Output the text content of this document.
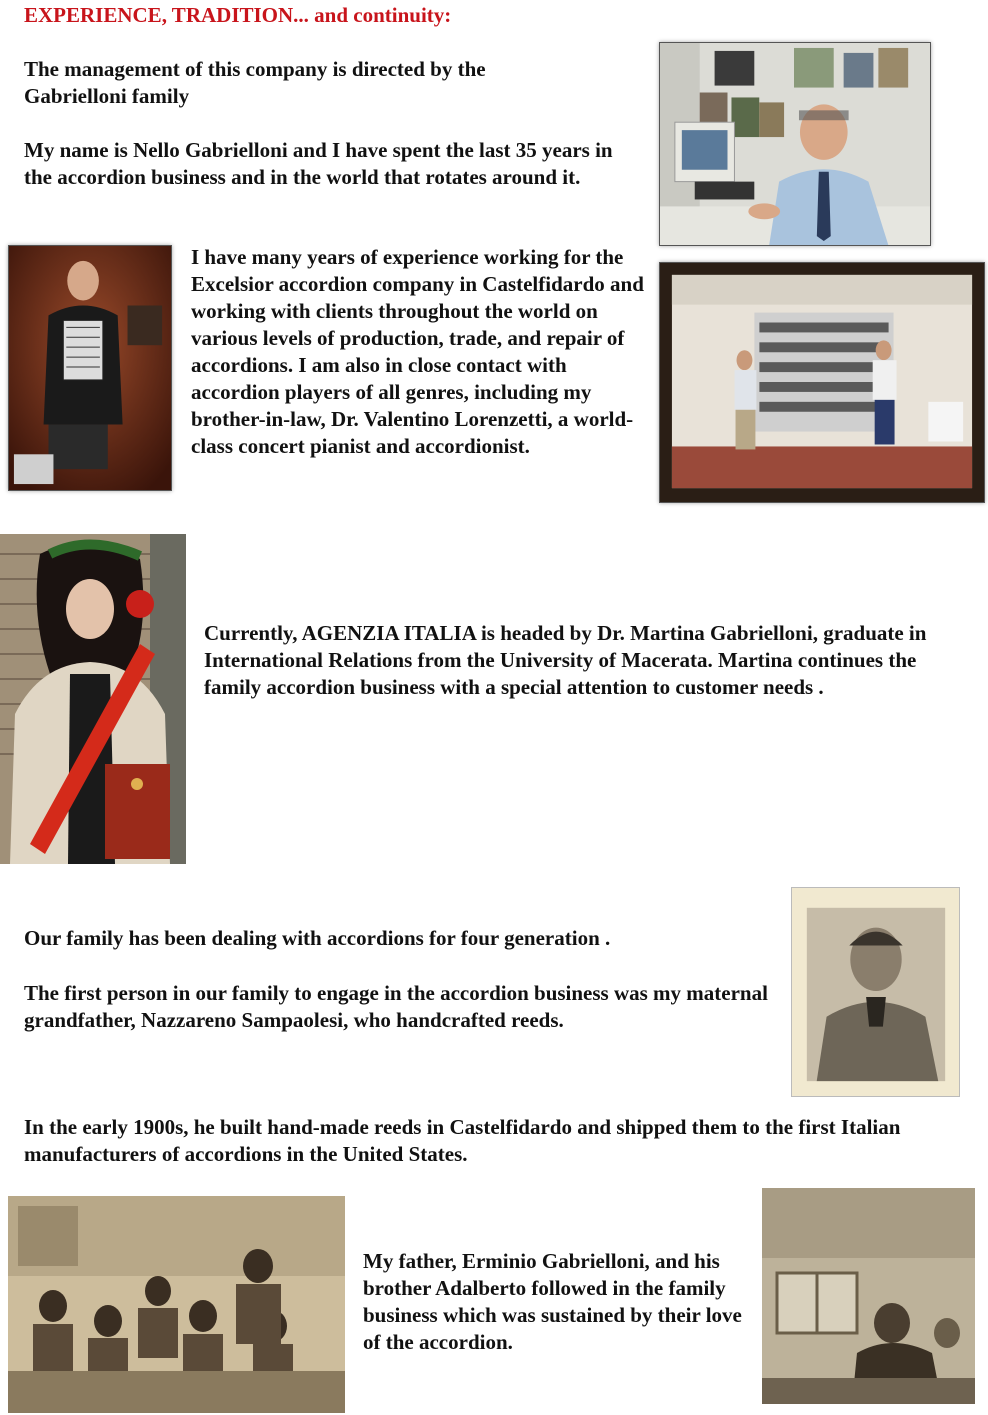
EXPERIENCE, TRADITION... and continuity:

The management of this company is directed by the Gabrielloni family

My name is Nello Gabrielloni and I have spent the last 35 years in the accordion business and in the world that rotates around it.

I have many years of experience working for the Excelsior accordion company in Castelfidardo and working with clients throughout the world on various levels of production, trade, and repair of accordions. I am also in close contact with accordion players of all genres, including my brother-in-law, Dr. Valentino Lorenzetti, a world-class concert pianist and accordionist.

Currently, AGENZIA ITALIA is headed by Dr. Martina Gabrielloni, graduate in International Relations from the University of Macerata. Martina continues the family accordion business with a special attention to customer needs .

Our family has been dealing with accordions for four generation .

The first person in our family to engage in the accordion business was my maternal grandfather, Nazzareno Sampaolesi, who handcrafted reeds.

In the early 1900s, he built hand-made reeds in Castelfidardo and shipped them to the first Italian manufacturers of accordions in the United States.

My father, Erminio Gabrielloni, and his brother Adalberto followed in the family business which was sustained by their love of the accordion.
